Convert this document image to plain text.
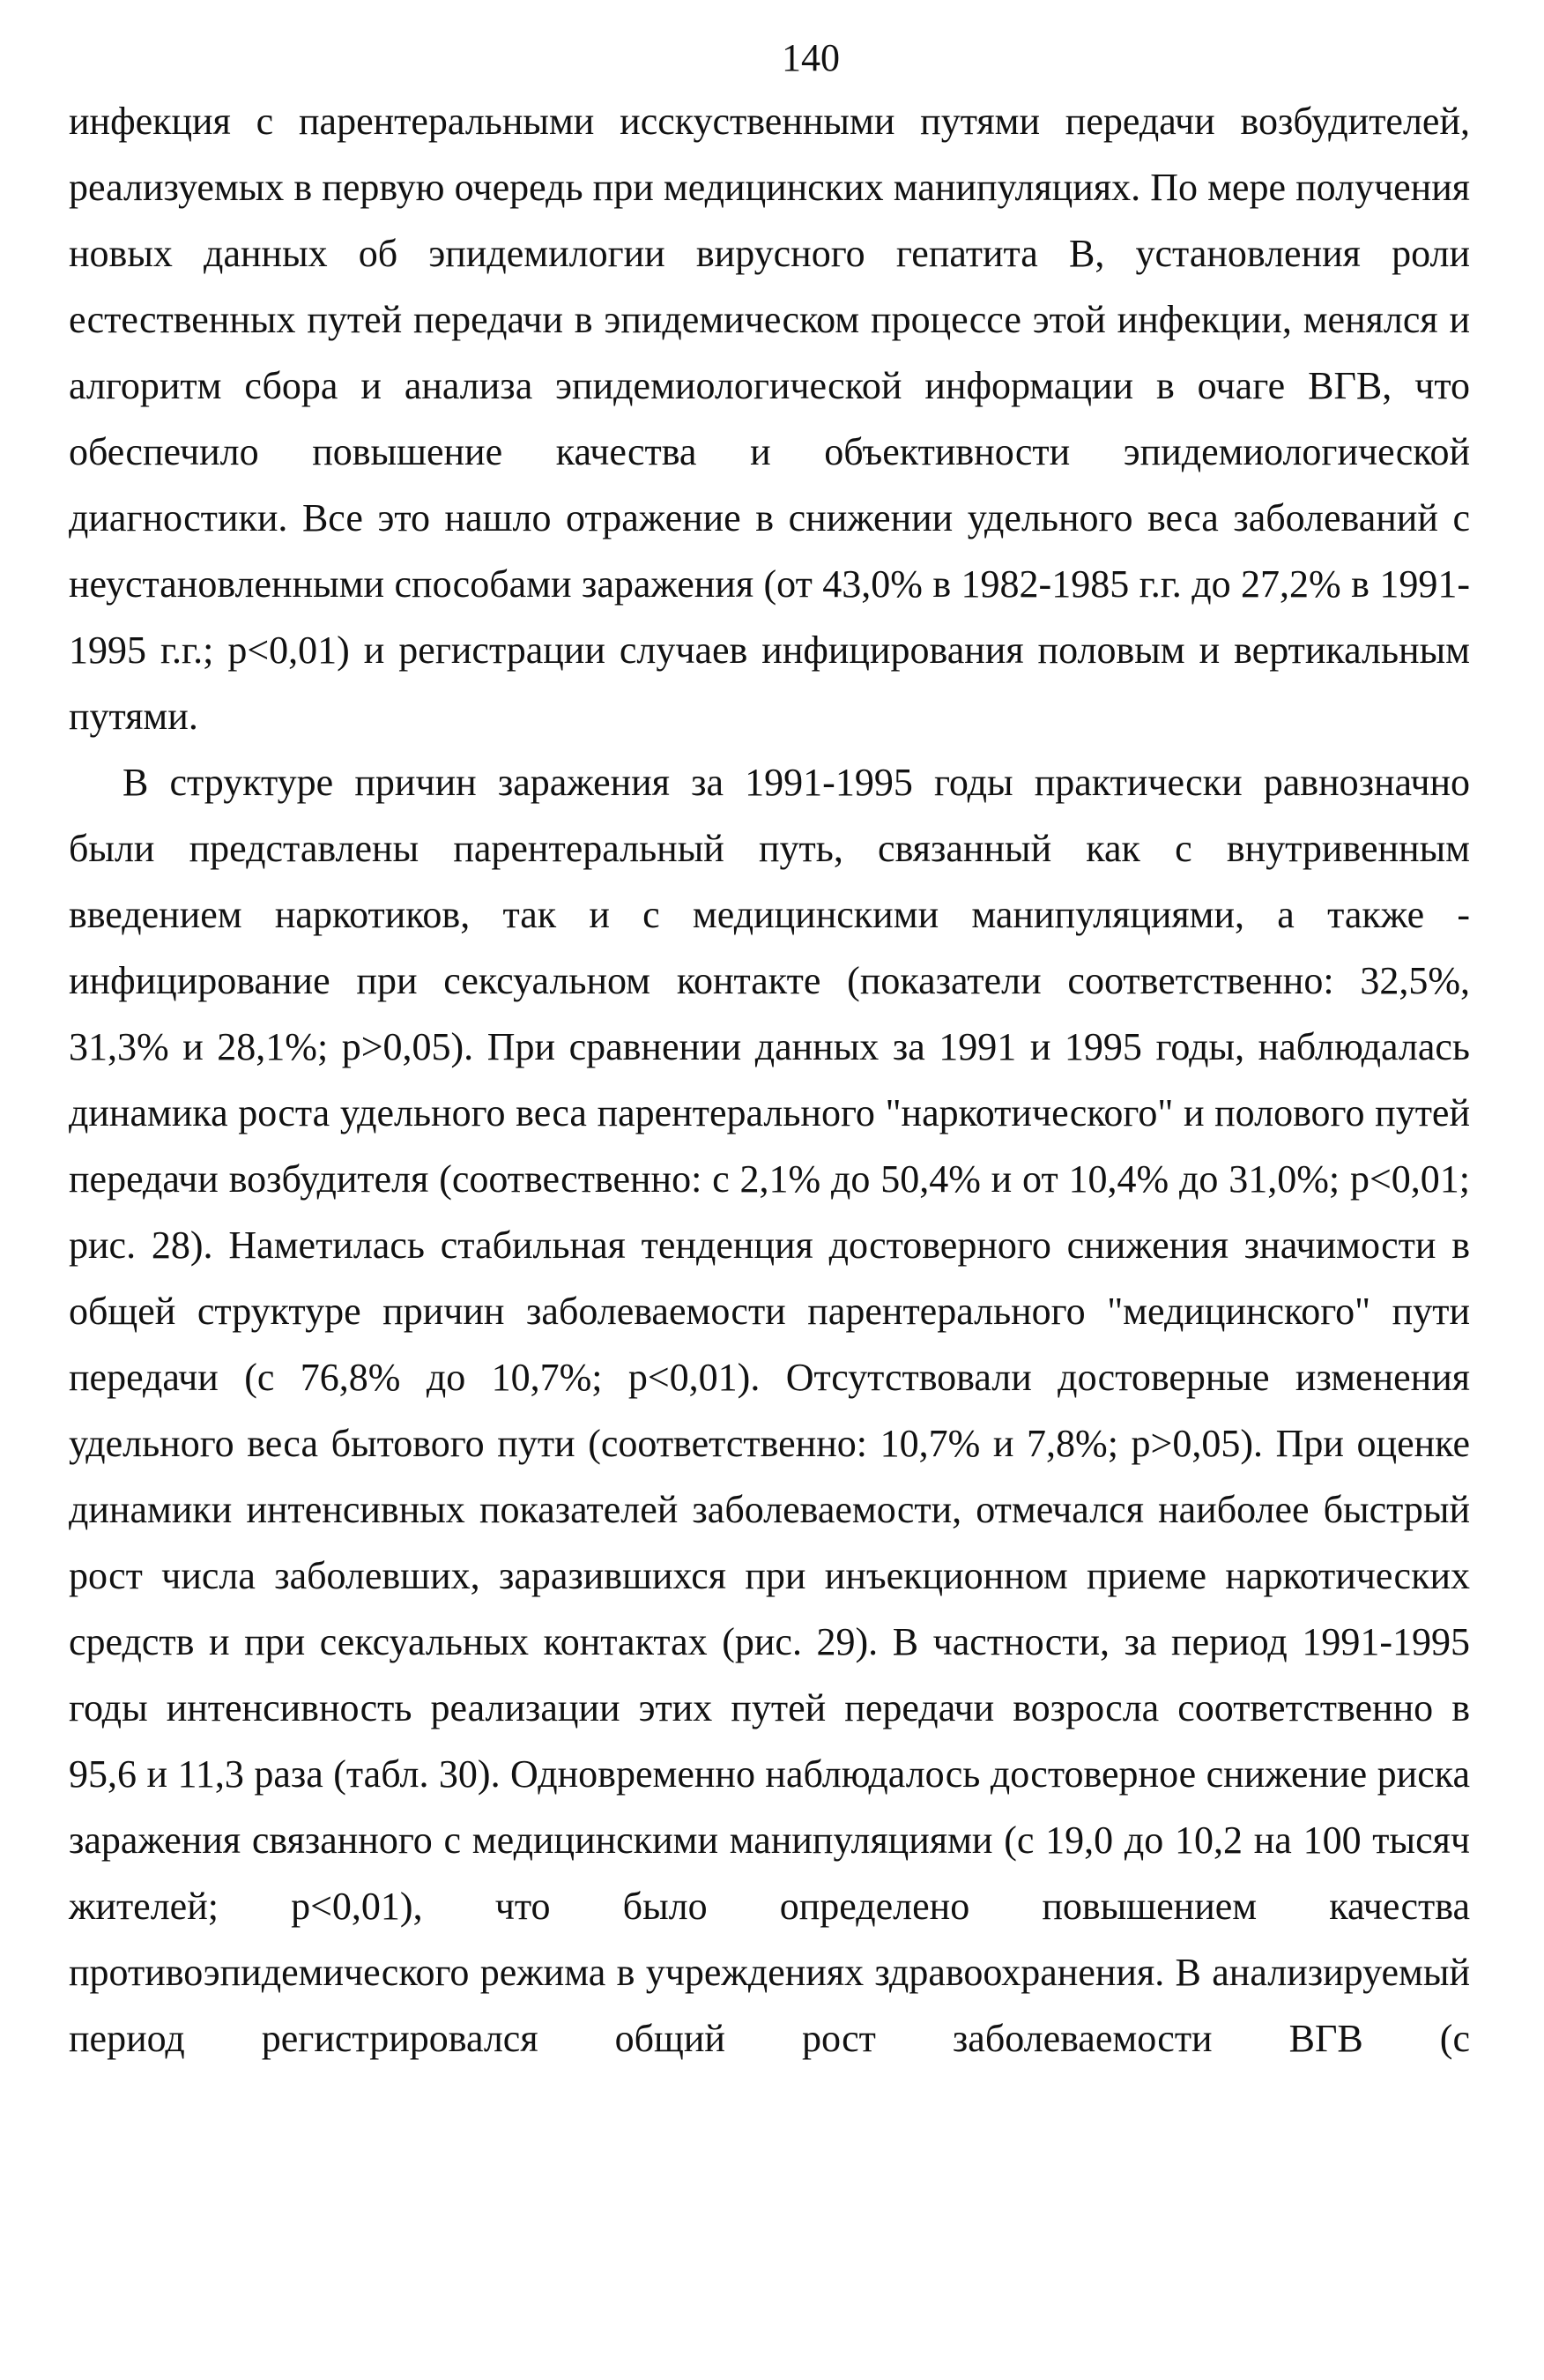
140

инфекция с парентеральными исскуственными путями передачи возбудителей, реализуемых в первую очередь при медицинских манипуляциях. По мере получения новых данных об эпидемилогии вирусного гепатита В, установления роли естественных путей передачи в эпидемическом процессе этой инфекции, менялся и алгоритм сбора и анализа эпидемиологической информации в очаге ВГВ, что обеспечило повышение качества и объективности эпидемиологической диагностики. Все это нашло отражение в снижении удельного веса заболеваний с неустановленными способами заражения (от 43,0% в 1982-1985 г.г. до 27,2% в 1991-1995 г.г.; р<0,01) и регистрации случаев инфицирования половым и вертикальным путями.

В структуре причин заражения за 1991-1995 годы практически равнозначно были представлены парентеральный путь, связанный как с внутривенным введением наркотиков, так и с медицинскими манипуляциями, а также - инфицирование при сексуальном контакте (показатели соответственно: 32,5%, 31,3% и 28,1%; р>0,05). При сравнении данных за 1991 и 1995 годы, наблюдалась динамика роста удельного веса парентерального "наркотического" и полового путей передачи возбудителя (соотвественно: с 2,1% до 50,4% и от 10,4% до 31,0%; р<0,01; рис. 28). Наметилась стабильная тенденция достоверного снижения значимости в общей структуре причин заболеваемости парентерального "медицинского" пути передачи (с 76,8% до 10,7%; р<0,01). Отсутствовали достоверные изменения удельного веса бытового пути (соответственно: 10,7% и 7,8%; р>0,05). При оценке динамики интенсивных показателей заболеваемости, отмечался наиболее быстрый рост числа заболевших, заразившихся при инъекционном приеме наркотических средств и при сексуальных контактах (рис. 29). В частности, за период 1991-1995 годы интенсивность реализации этих путей передачи возросла соответственно в 95,6 и 11,3 раза (табл. 30). Одновременно наблюдалось достоверное снижение риска заражения связанного с медицинскими манипуляциями (с 19,0 до 10,2 на 100 тысяч жителей; р<0,01), что было определено повышением качества противоэпидемического режима в учреждениях здравоохранения. В анализируемый период регистрировался общий рост заболеваемости ВГВ (с
